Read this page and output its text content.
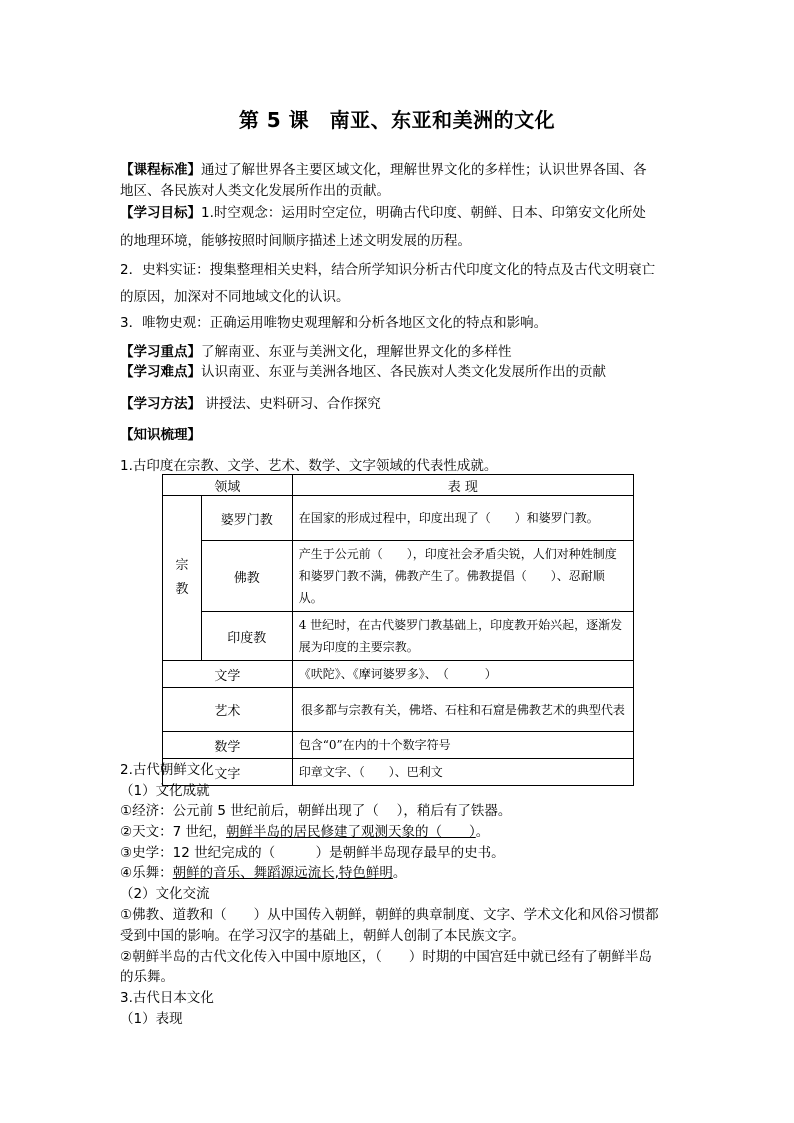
第 5 课　南亚、东亚和美洲的文化
【课程标准】通过了解世界各主要区域文化，理解世界文化的多样性；认识世界各国、各
地区、各民族对人类文化发展所作出的贡献。
【学习目标】1.时空观念：运用时空定位，明确古代印度、朝鲜、日本、印第安文化所处
的地理环境，能够按照时间顺序描述上述文明发展的历程。
2．史料实证：搜集整理相关史料，结合所学知识分析古代印度文化的特点及古代文明衰亡
的原因，加深对不同地域文化的认识。
3．唯物史观：正确运用唯物史观理解和分析各地区文化的特点和影响。
【学习重点】了解南亚、东亚与美洲文化，理解世界文化的多样性
【学习难点】认识南亚、东亚与美洲各地区、各民族对人类文化发展所作出的贡献
【学习方法】 讲授法、史料研习、合作探究
【知识梳理】
1.古印度在宗教、文学、艺术、数学、文字领域的代表性成就。
领域		表 现

宗
教	婆罗门教	在国家的形成过程中，印度出现了（　　）和婆罗门教。
	佛教	产生于公元前（　　），印度社会矛盾尖锐，人们对种姓制度和婆罗门教不满，佛教产生了。佛教提倡（　　）、忍耐顺从。
	印度教	4 世纪时，在古代婆罗门教基础上，印度教开始兴起，逐渐发展为印度的主要宗教。
文学		《吠陀》、《摩诃婆罗多》、　（　　　）
艺术		很多都与宗教有关，佛塔、石柱和石窟是佛教艺术的典型代表
数学		包含“0”在内的十个数字符号
文字		印章文字、（　　）、巴利文
2.古代朝鲜文化
（1）文化成就
①经济：公元前 5 世纪前后，朝鲜出现了（　 ），稍后有了铁器。
②天文：7 世纪，朝鲜半岛的居民修建了观测天象的（　　）。
③史学：12 世纪完成的（　　　）是朝鲜半岛现存最早的史书。
④乐舞：朝鲜的音乐、舞蹈源远流长,特色鲜明。
（2）文化交流
①佛教、道教和（　　）从中国传入朝鲜，朝鲜的典章制度、文字、学术文化和风俗习惯都
受到中国的影响。在学习汉字的基础上，朝鲜人创制了本民族文字。
②朝鲜半岛的古代文化传入中国中原地区，（　　）时期的中国宫廷中就已经有了朝鲜半岛
的乐舞。
3.古代日本文化
（1）表现
